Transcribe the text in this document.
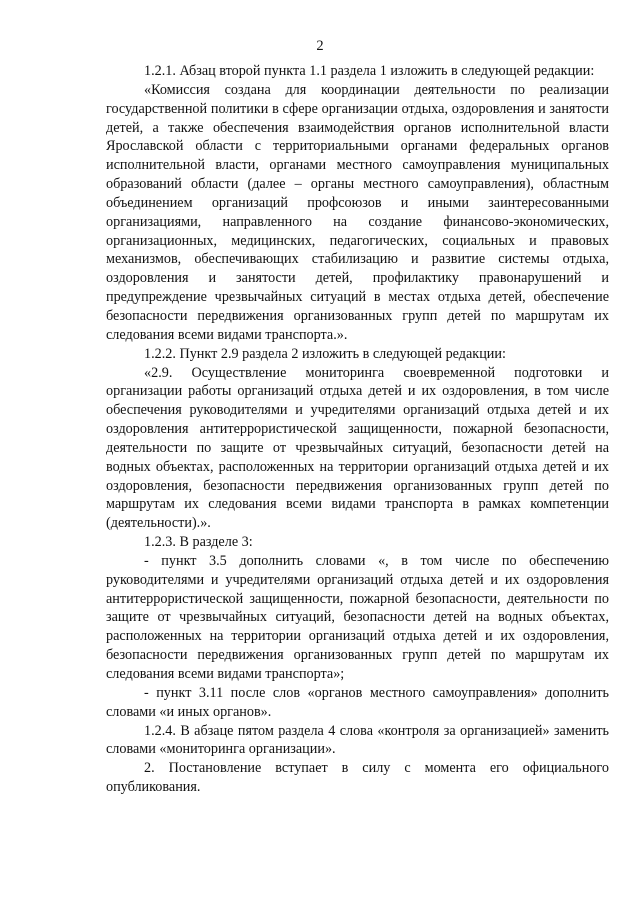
2

1.2.1. Абзац второй пункта 1.1 раздела 1 изложить в следующей редакции:

«Комиссия создана для координации деятельности по реализации государственной политики в сфере организации отдыха, оздоровления и занятости детей, а также обеспечения взаимодействия органов исполнительной власти Ярославской области с территориальными органами федеральных органов исполнительной власти, органами местного самоуправления муниципальных образований области (далее – органы местного самоуправления), областным объединением организаций профсоюзов и иными заинтересованными организациями, направленного на создание финансово-экономических, организационных, медицинских, педагогических, социальных и правовых механизмов, обеспечивающих стабилизацию и развитие системы отдыха, оздоровления и занятости детей, профилактику правонарушений и предупреждение чрезвычайных ситуаций в местах отдыха детей, обеспечение безопасности передвижения организованных групп детей по маршрутам их следования всеми видами транспорта.».

1.2.2. Пункт 2.9 раздела 2 изложить в следующей редакции:

«2.9. Осуществление мониторинга своевременной подготовки и организации работы организаций отдыха детей и их оздоровления, в том числе обеспечения руководителями и учредителями организаций отдыха детей и их оздоровления антитеррористической защищенности, пожарной безопасности, деятельности по защите от чрезвычайных ситуаций, безопасности детей на водных объектах, расположенных на территории организаций отдыха детей и их оздоровления, безопасности передвижения организованных групп детей по маршрутам их следования всеми видами транспорта в рамках компетенции (деятельности).».

1.2.3. В разделе 3:

- пункт 3.5 дополнить словами «, в том числе по обеспечению руководителями и учредителями организаций отдыха детей и их оздоровления антитеррористической защищенности, пожарной безопасности, деятельности по защите от чрезвычайных ситуаций, безопасности детей на водных объектах, расположенных на территории организаций отдыха детей и их оздоровления, безопасности передвижения организованных групп детей по маршрутам их следования всеми видами транспорта»;

- пункт 3.11 после слов «органов местного самоуправления» дополнить словами «и иных органов».

1.2.4. В абзаце пятом раздела 4 слова «контроля за организацией» заменить словами «мониторинга организации».

2. Постановление вступает в силу с момента его официального опубликования.
